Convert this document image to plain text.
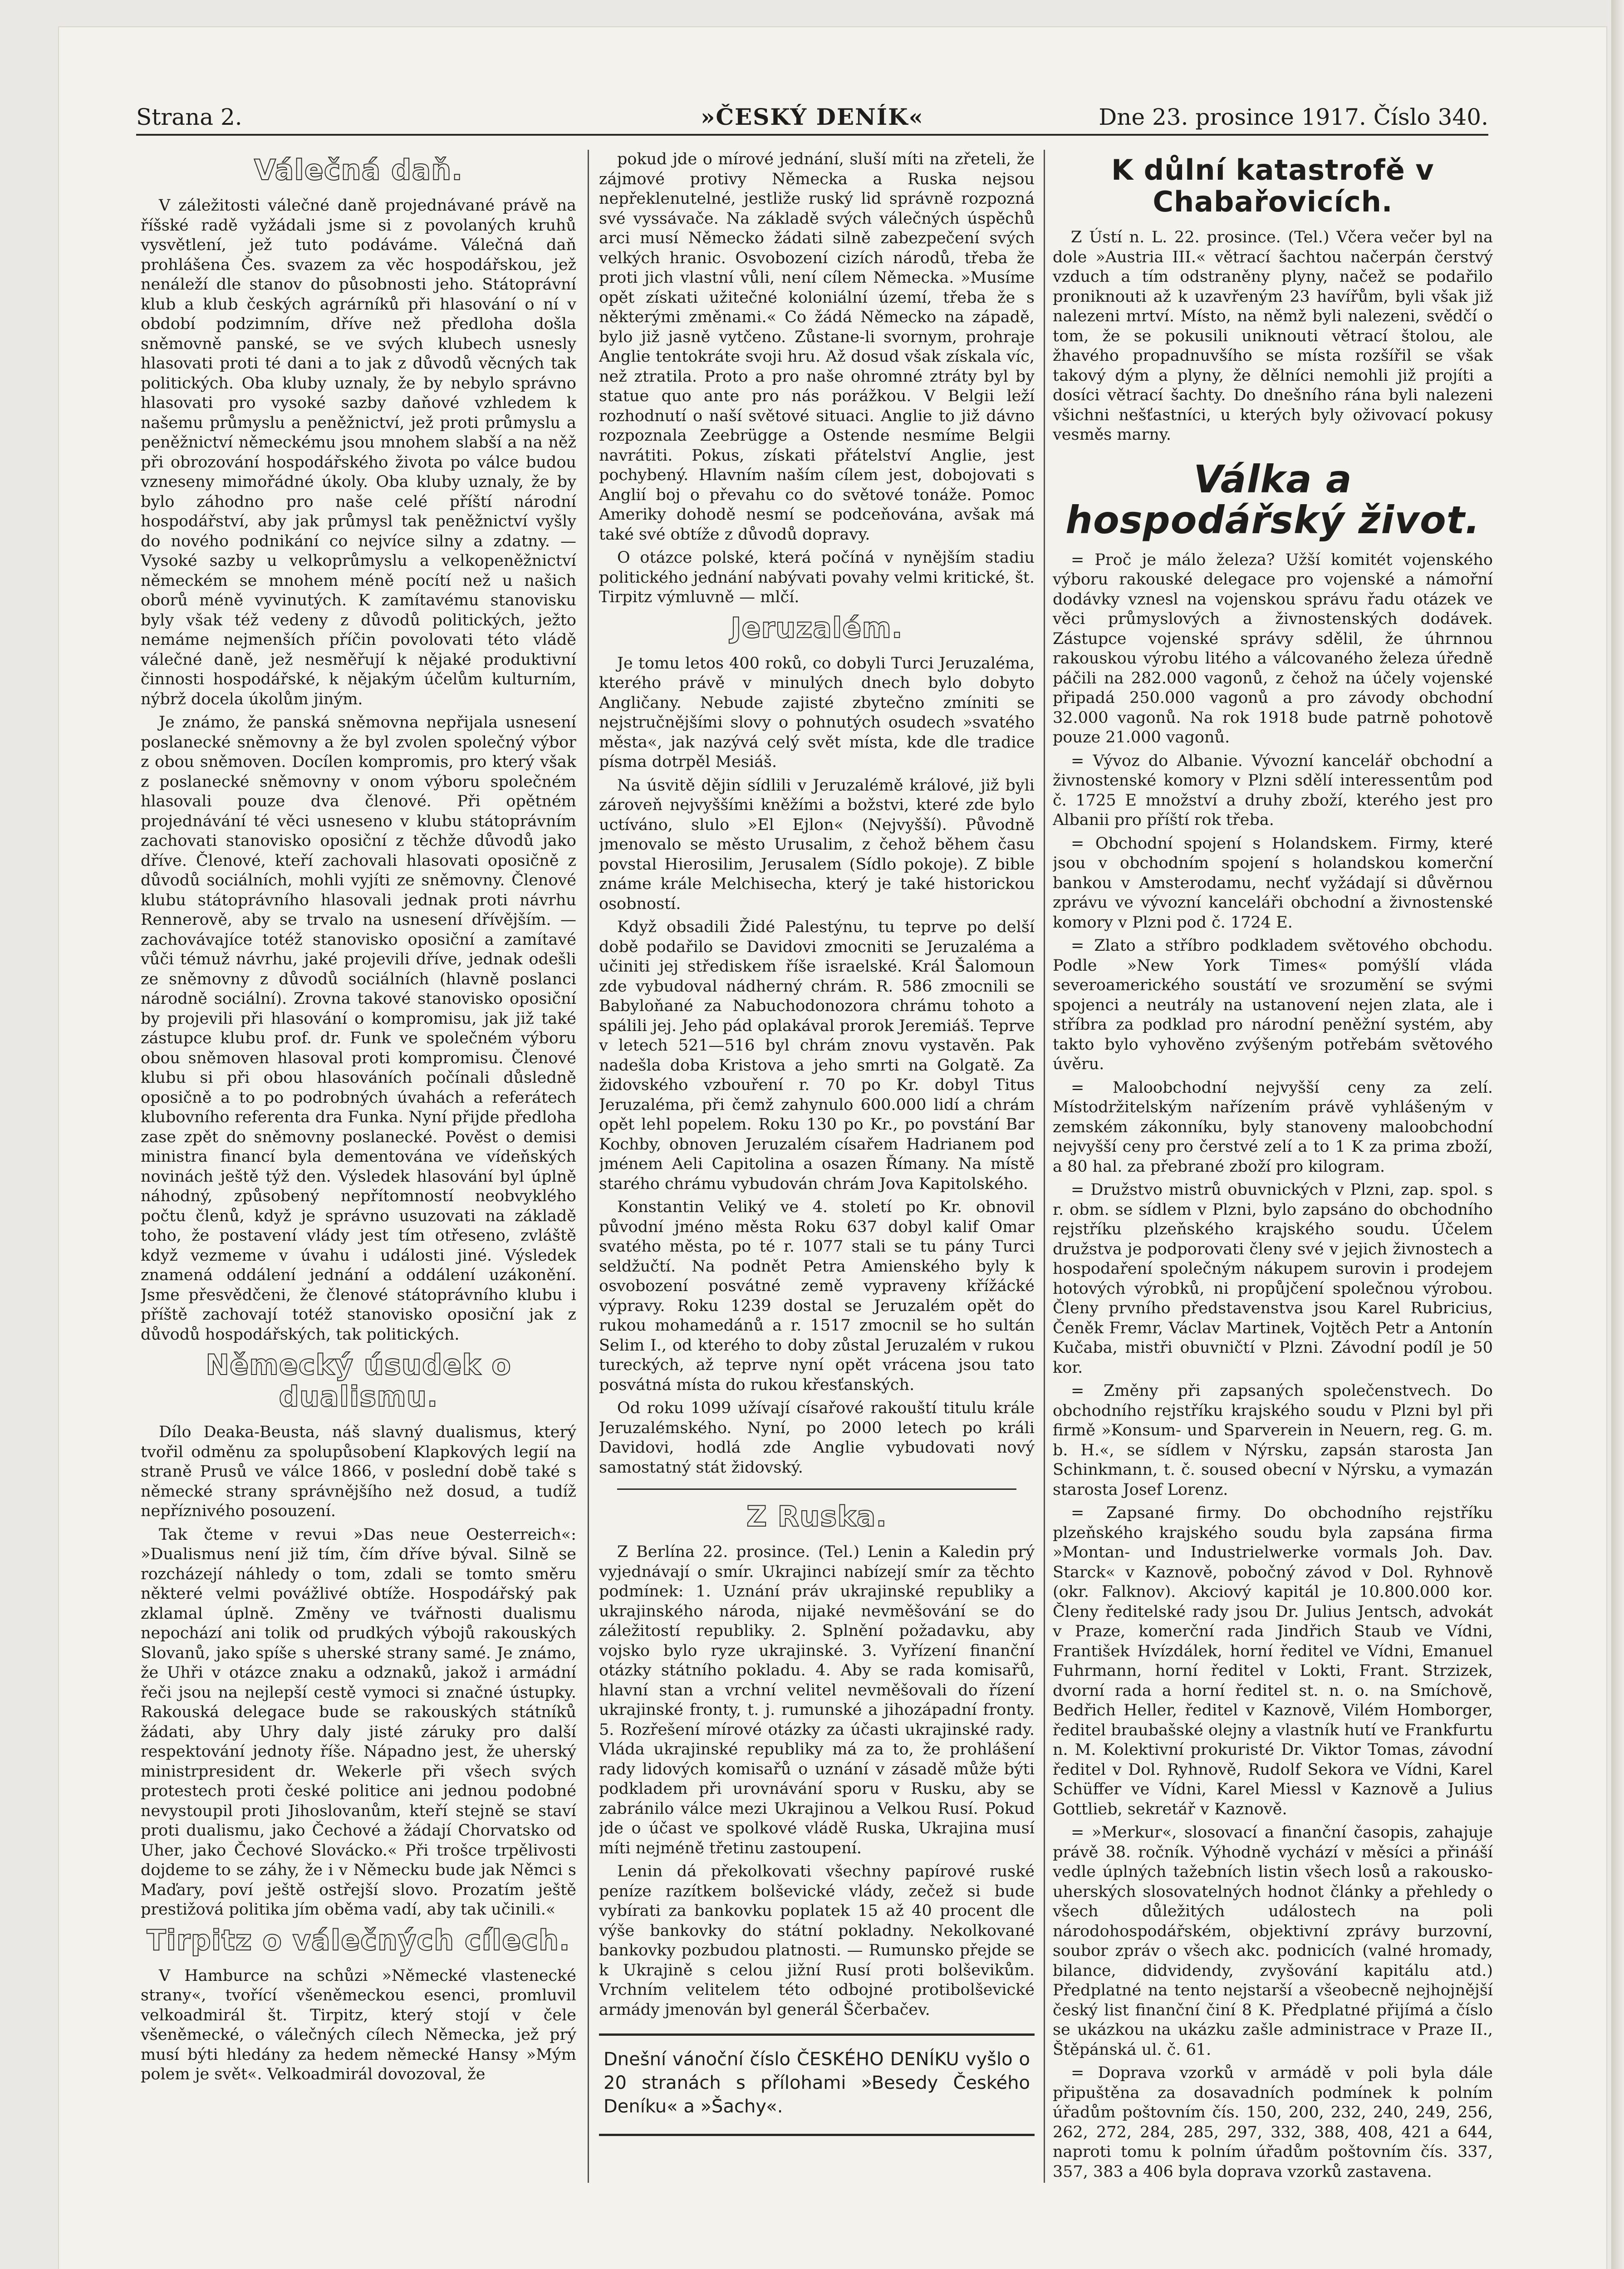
Strana 2.	»ČESKÝ DENÍK«	Dne 23. prosince 1917. Číslo 340.
Válečná daň.

V záležitosti válečné daně projednávané právě na říšské radě vyžádali jsme si z povolaných kruhů vysvětlení, jež tuto podáváme. Válečná daň prohlášena Čes. svazem za věc hospodářskou, jež nenáleží dle stanov do působnosti jeho. Státoprávní klub a klub českých agrárníků při hlasování o ní v období podzimním, dříve než předloha došla sněmovně panské, se ve svých klubech usnesly hlasovati proti té dani a to jak z důvodů věcných tak politických. Oba kluby uznaly, že by nebylo správno hlasovati pro vysoké sazby daňové vzhledem k našemu průmyslu a peněžnictví, jež proti průmyslu a peněžnictví německému jsou mnohem slabší a na něž při obrozování hospodářského života po válce budou vzneseny mimořádné úkoly. Oba kluby uznaly, že by bylo záhodno pro naše celé příští národní hospodářství, aby jak průmysl tak peněžnictví vyšly do nového podnikání co nejvíce silny a zdatny. — Vysoké sazby u velkoprůmyslu a velkopeněžnictví německém se mnohem méně pocítí než u našich oborů méně vyvinutých. K zamítavému stanovisku byly však též vedeny z důvodů politických, ježto nemáme nejmenších příčin povolovati této vládě válečné daně, jež nesměřují k nějaké produktivní činnosti hospodářské, k nějakým účelům kulturním, nýbrž docela úkolům jiným.

Je známo, že panská sněmovna nepřijala usnesení poslanecké sněmovny a že byl zvolen společný výbor z obou sněmoven. Docílen kompromis, pro který však z poslanecké sněmovny v onom výboru společném hlasovali pouze dva členové. Při opětném projednávání té věci usneseno v klubu státoprávním zachovati stanovisko oposiční z těchže důvodů jako dříve. Členové, kteří zachovali hlasovati oposičně z důvodů sociálních, mohli vyjíti ze sněmovny. Členové klubu státoprávního hlasovali jednak proti návrhu Rennerově, aby se trvalo na usnesení dřívějším. — zachovávajíce totéž stanovisko oposiční a zamítavé vůči témuž návrhu, jaké projevili dříve, jednak odešli ze sněmovny z důvodů sociálních (hlavně poslanci národně sociální). Zrovna takové stanovisko oposiční by projevili při hlasování o kompromisu, jak již také zástupce klubu prof. dr. Funk ve společném výboru obou sněmoven hlasoval proti kompromisu. Členové klubu si při obou hlasováních počínali důsledně oposičně a to po podrobných úvahách a referátech klubovního referenta dra Funka. Nyní přijde předloha zase zpět do sněmovny poslanecké. Pověst o demisi ministra financí byla dementována ve vídeňských novinách ještě týž den. Výsledek hlasování byl úplně náhodný, způsobený nepřítomností neobvyklého počtu členů, když je správno usuzovati na základě toho, že postavení vlády jest tím otřeseno, zvláště když vezmeme v úvahu i události jiné. Výsledek znamená oddálení jednání a oddálení uzákonění. Jsme přesvědčeni, že členové státoprávního klubu i příště zachovají totéž stanovisko oposiční jak z důvodů hospodářských, tak politických.

Německý úsudek o dualismu.

Dílo Deaka-Beusta, náš slavný dualismus, který tvořil odměnu za spolupůsobení Klapkových legií na straně Prusů ve válce 1866, v poslední době také s německé strany správnějšího než dosud, a tudíž nepříznivého posouzení.

Tak čteme v revui »Das neue Oesterreich«: »Dualismus není již tím, čím dříve býval. Silně se rozcházejí náhledy o tom, zdali se tomto směru některé velmi povážlivé obtíže. Hospodářský pak zklamal úplně. Změny ve tvářnosti dualismu nepochází ani tolik od prudkých výbojů rakouských Slovanů, jako spíše s uherské strany samé. Je známo, že Uhři v otázce znaku a odznaků, jakož i armádní řeči jsou na nejlepší cestě vymoci si značné ústupky. Rakouská delegace bude se rakouských státníků žádati, aby Uhry daly jisté záruky pro další respektování jednoty říše. Nápadno jest, že uherský ministrpresident dr. Wekerle při všech svých protestech proti české politice ani jednou podobné nevystoupil proti Jihoslovanům, kteří stejně se staví proti dualismu, jako Čechové a žádají Chorvatsko od Uher, jako Čechové Slovácko.« Při trošce trpělivosti dojdeme to se záhy, že i v Německu bude jak Němci s Maďary, poví ještě ostřejší slovo. Prozatím ještě prestižová politika jím oběma vadí, aby tak učinili.«

Tirpitz o válečných cílech.

V Hamburce na schůzi »Německé vlastenecké strany«, tvořící všeněmeckou esenci, promluvil velkoadmirál št. Tirpitz, který stojí v čele všeněmecké, o válečných cílech Německa, jež prý musí býti hledány za hedem německé Hansy »Mým polem je svět«. Velkoadmirál dovozoval, že

pokud jde o mírové jednání, sluší míti na zřeteli, že zájmové protivy Německa a Ruska nejsou nepřeklenutelné, jestliže ruský lid správně rozpozná své vyssávače. Na základě svých válečných úspěchů arci musí Německo žádati silně zabezpečení svých velkých hranic. Osvobození cizích národů, třeba že proti jich vlastní vůli, není cílem Německa. »Musíme opět získati užitečné koloniální území, třeba že s některými změnami.« Co žádá Německo na západě, bylo již jasně vytčeno. Zůstane-li svornym, prohraje Anglie tentokráte svoji hru. Až dosud však získala víc, než ztratila. Proto a pro naše ohromné ztráty byl by statue quo ante pro nás porážkou. V Belgii leží rozhodnutí o naší světové situaci. Anglie to již dávno rozpoznala Zeebrügge a Ostende nesmíme Belgii navrátiti. Pokus, získati přátelství Anglie, jest pochybený. Hlavním naším cílem jest, dobojovati s Anglií boj o převahu co do světové tonáže. Pomoc Ameriky dohodě nesmí se podceňována, avšak má také své obtíže z důvodů dopravy.

O otázce polské, která počíná v nynějším stadiu politického jednání nabývati povahy velmi kritické, št. Tirpitz výmluvně — mlčí.

Jeruzalém.

Je tomu letos 400 roků, co dobyli Turci Jeruzaléma, kterého právě v minulých dnech bylo dobyto Angličany. Nebude zajisté zbytečno zmíniti se nejstručnějšími slovy o pohnutých osudech »svatého města«, jak nazývá celý svět místa, kde dle tradice písma dotrpěl Mesiáš.

Na úsvitě dějin sídlili v Jeruzalémě králové, již byli zároveň nejvyššími kněžími a božstvi, které zde bylo uctíváno, slulo »El Ejlon« (Nejvyšší). Původně jmenovalo se město Urusalim, z čehož během času povstal Hierosilim, Jerusalem (Sídlo pokoje). Z bible známe krále Melchisecha, který je také historickou osobností.

Když obsadili Židé Palestýnu, tu teprve po delší době podařilo se Davidovi zmocniti se Jeruzaléma a učiniti jej střediskem říše israelské. Král Šalomoun zde vybudoval nádherný chrám. R. 586 zmocnili se Babyloňané za Nabuchodonozora chrámu tohoto a spálili jej. Jeho pád oplakával prorok Jeremiáš. Teprve v letech 521—516 byl chrám znovu vystavěn. Pak nadešla doba Kristova a jeho smrti na Golgatě. Za židovského vzbouření r. 70 po Kr. dobyl Titus Jeruzaléma, při čemž zahynulo 600.000 lidí a chrám opět lehl popelem. Roku 130 po Kr., po povstání Bar Kochby, obnoven Jeruzalém císařem Hadrianem pod jménem Aeli Capitolina a osazen Římany. Na místě starého chrámu vybudován chrám Jova Kapitolského.

Konstantin Veliký ve 4. století po Kr. obnovil původní jméno města Roku 637 dobyl kalif Omar svatého města, po té r. 1077 stali se tu pány Turci seldžučtí. Na podnět Petra Amienského byly k osvobození posvátné země vypraveny křížácké výpravy. Roku 1239 dostal se Jeruzalém opět do rukou mohamedánů a r. 1517 zmocnil se ho sultán Selim I., od kterého to doby zůstal Jeruzalém v rukou tureckých, až teprve nyní opět vrácena jsou tato posvátná místa do rukou křesťanských.

Od roku 1099 užívají císařové rakouští titulu krále Jeruzalémského. Nyní, po 2000 letech po králi Davidovi, hodlá zde Anglie vybudovati nový samostatný stát židovský.

Z Ruska.

Z Berlína 22. prosince. (Tel.) Lenin a Kaledin prý vyjednávají o smír. Ukrajinci nabízejí smír za těchto podmínek: 1. Uznání práv ukrajinské republiky a ukrajinského národa, nijaké nevměšování se do záležitostí republiky. 2. Splnění požadavku, aby vojsko bylo ryze ukrajinské. 3. Vyřízení finanční otázky státního pokladu. 4. Aby se rada komisařů, hlavní stan a vrchní velitel nevměšovali do řízení ukrajinské fronty, t. j. rumunské a jihozápadní fronty. 5. Rozřešení mírové otázky za účasti ukrajinské rady. Vláda ukrajinské republiky má za to, že prohlášení rady lidových komisařů o uznání v zásadě může býti podkladem při urovnávání sporu v Rusku, aby se zabránilo válce mezi Ukrajinou a Velkou Rusí. Pokud jde o účast ve spolkové vládě Ruska, Ukrajina musí míti nejméně třetinu zastoupení.

Lenin dá překolkovati všechny papírové ruské peníze razítkem bolševické vlády, zečež si bude vybírati za bankovku poplatek 15 až 40 procent dle výše bankovky do státní pokladny. Nekolkované bankovky pozbudou platnosti. — Rumunsko přejde se k Ukrajině s celou jižní Rusí proti bolševikům. Vrchním velitelem této odbojné protibolševické armády jmenován byl generál Ščerbačev.

Dnešní vánoční číslo ČESKÉHO DENÍKU vyšlo o 20 stranách s přílohami »Besedy Českého Deníku« a »Šachy«.

K důlní katastrofě v Chabařovicích.

Z Ústí n. L. 22. prosince. (Tel.) Včera večer byl na dole »Austria III.« větrací šachtou načerpán čerstvý vzduch a tím odstraněny plyny, načež se podařilo proniknouti až k uzavřeným 23 havířům, byli však již nalezeni mrtví. Místo, na němž byli nalezeni, svědčí o tom, že se pokusili uniknouti větrací štolou, ale žhavého propadnuvšího se místa rozšířil se však takový dým a plyny, že dělníci nemohli již projíti a dosíci větrací šachty. Do dnešního rána byli nalezeni všichni nešťastníci, u kterých byly oživovací pokusy vesměs marny.

Válka a hospodářský život.

= Proč je málo železa? Užší komitét vojenského výboru rakouské delegace pro vojenské a námořní dodávky vznesl na vojenskou správu řadu otázek ve věci průmyslových a živnostenských dodávek. Zástupce vojenské správy sdělil, že úhrnnou rakouskou výrobu litého a válcovaného železa úředně páčili na 282.000 vagonů, z čehož na účely vojenské připadá 250.000 vagonů a pro závody obchodní 32.000 vagonů. Na rok 1918 bude patrně pohotově pouze 21.000 vagonů.

= Vývoz do Albanie. Vývozní kancelář obchodní a živnostenské komory v Plzni sdělí interessentům pod č. 1725 E množství a druhy zboží, kterého jest pro Albanii pro příští rok třeba.

= Obchodní spojení s Holandskem. Firmy, které jsou v obchodním spojení s holandskou komerční bankou v Amsterodamu, nechť vyžádají si důvěrnou zprávu ve vývozní kanceláři obchodní a živnostenské komory v Plzni pod č. 1724 E.

= Zlato a stříbro podkladem světového obchodu. Podle »New York Times« pomýšlí vláda severoamerického soustátí ve srozumění se svými spojenci a neutrály na ustanovení nejen zlata, ale i stříbra za podklad pro národní peněžní systém, aby takto bylo vyhověno zvýšeným potřebám světového úvěru.

= Maloobchodní nejvyšší ceny za zelí. Místodržitelským nařízením právě vyhlášeným v zemském zákonníku, byly stanoveny maloobchodní nejvyšší ceny pro čerstvé zelí a to 1 K za prima zboží, a 80 hal. za přebrané zboží pro kilogram.

= Družstvo mistrů obuvnických v Plzni, zap. spol. s r. obm. se sídlem v Plzni, bylo zapsáno do obchodního rejstříku plzeňského krajského soudu. Účelem družstva je podporovati členy své v jejich živnostech a hospodaření společným nákupem surovin i prodejem hotových výrobků, ni propůjčení společnou výrobou. Členy prvního představenstva jsou Karel Rubricius, Čeněk Fremr, Václav Martinek, Vojtěch Petr a Antonín Kučaba, mistři obuvničtí v Plzni. Závodní podíl je 50 kor.

= Změny při zapsaných společenstvech. Do obchodního rejstříku krajského soudu v Plzni byl při firmě »Konsum- und Sparverein in Neuern, reg. G. m. b. H.«, se sídlem v Nýrsku, zapsán starosta Jan Schinkmann, t. č. soused obecní v Nýrsku, a vymazán starosta Josef Lorenz.

= Zapsané firmy. Do obchodního rejstříku plzeňského krajského soudu byla zapsána firma »Montan- und Industrielwerke vormals Joh. Dav. Starck« v Kaznově, pobočný závod v Dol. Ryhnově (okr. Falknov). Akciový kapitál je 10.800.000 kor. Členy ředitelské rady jsou Dr. Julius Jentsch, advokát v Praze, komerční rada Jindřich Staub ve Vídni, František Hvízdálek, horní ředitel ve Vídni, Emanuel Fuhrmann, horní ředitel v Lokti, Frant. Strzizek, dvorní rada a horní ředitel st. n. o. na Smíchově, Bedřich Heller, ředitel v Kaznově, Vilém Homborger, ředitel braubašské olejny a vlastník hutí ve Frankfurtu n. M. Kolektivní prokuristé Dr. Viktor Tomas, závodní ředitel v Dol. Ryhnově, Rudolf Sekora ve Vídni, Karel Schüffer ve Vídni, Karel Miessl v Kaznově a Julius Gottlieb, sekretář v Kaznově.

= »Merkur«, slosovací a finanční časopis, zahajuje právě 38. ročník. Výhodně vychází v měsíci a přináší vedle úplných tažebních listin všech losů a rakousko-uherských slosovatelných hodnot články a přehledy o všech důležitých událostech na poli národohospodářském, objektivní zprávy burzovní, soubor zpráv o všech akc. podnicích (valné hromady, bilance, didvidendy, zvyšování kapitálu atd.) Předplatné na tento nejstarší a všeobecně nejhojnější český list finanční činí 8 K. Předplatné přijímá a číslo se ukázkou na ukázku zašle administrace v Praze II., Štěpánská ul. č. 61.

= Doprava vzorků v armádě v poli byla dále připuštěna za dosavadních podmínek k polním úřadům poštovním čís. 150, 200, 232, 240, 249, 256, 262, 272, 284, 285, 297, 332, 388, 408, 421 a 644, naproti tomu k polním úřadům poštovním čís. 337, 357, 383 a 406 byla doprava vzorků zastavena.
